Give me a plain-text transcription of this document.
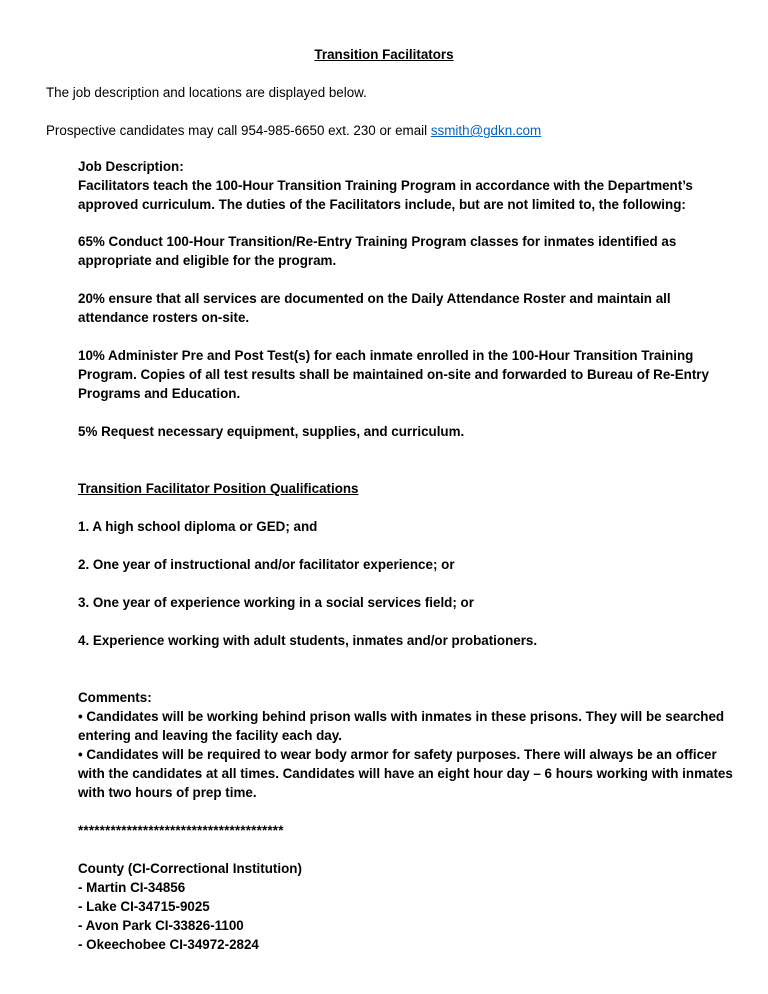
Transition Facilitators

The job description and locations are displayed below.

Prospective candidates may call 954-985-6650 ext. 230 or email ssmith@gdkn.com

Job Description:

Facilitators teach the 100-Hour Transition Training Program in accordance with the Department’s approved curriculum. The duties of the Facilitators include, but are not limited to, the following:

65% Conduct 100-Hour Transition/Re-Entry Training Program classes for inmates identified as appropriate and eligible for the program.

20% ensure that all services are documented on the Daily Attendance Roster and maintain all attendance rosters on-site.

10% Administer Pre and Post Test(s) for each inmate enrolled in the 100-Hour Transition Training Program. Copies of all test results shall be maintained on-site and forwarded to Bureau of Re-Entry Programs and Education.

5% Request necessary equipment, supplies, and curriculum.

Transition Facilitator Position Qualifications

1. A high school diploma or GED; and

2. One year of instructional and/or facilitator experience; or

3. One year of experience working in a social services field; or

4. Experience working with adult students, inmates and/or probationers.

Comments:

• Candidates will be working behind prison walls with inmates in these prisons. They will be searched entering and leaving the facility each day.

• Candidates will be required to wear body armor for safety purposes. There will always be an officer with the candidates at all times. Candidates will have an eight hour day – 6 hours working with inmates with two hours of prep time.

**************************************

County (CI-Correctional Institution)

- Martin CI-34856

- Lake CI-34715-9025

- Avon Park CI-33826-1100

- Okeechobee CI-34972-2824
